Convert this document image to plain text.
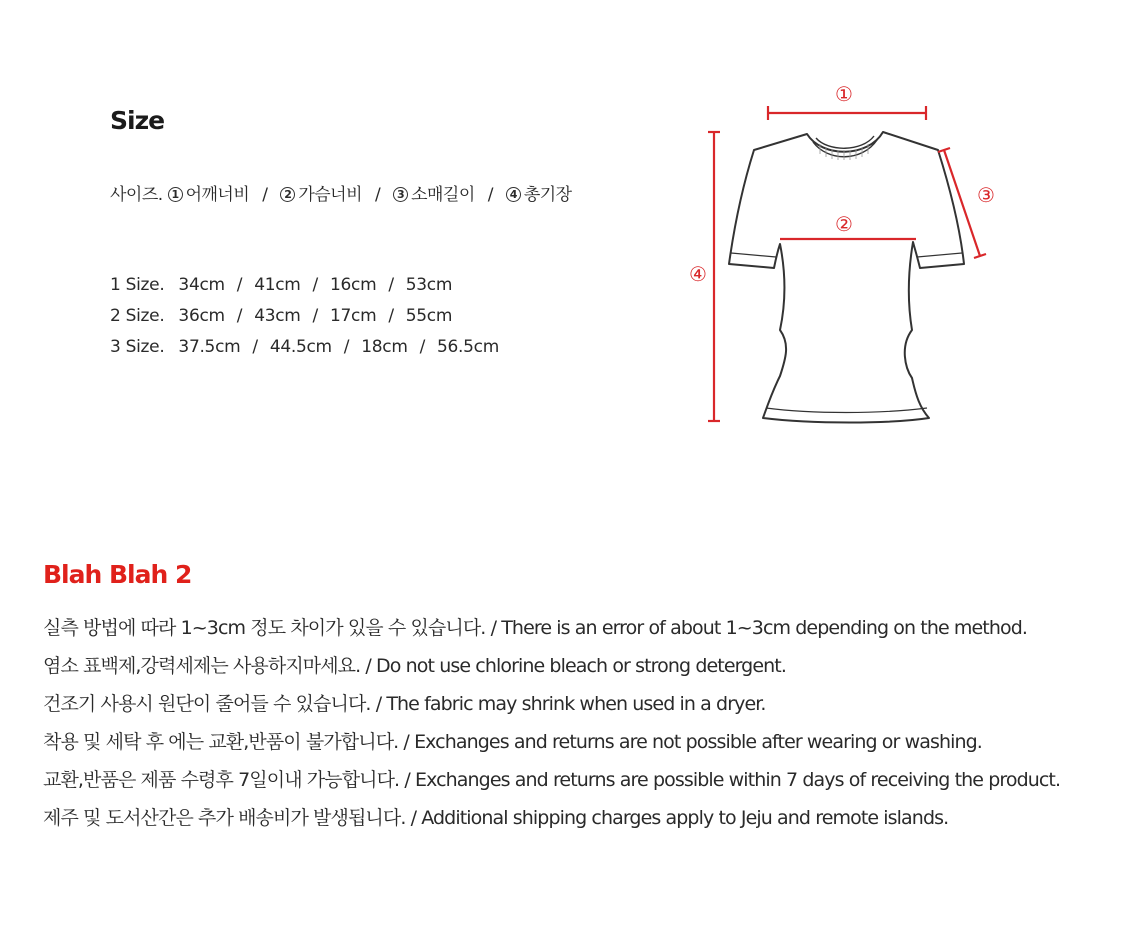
Size
사이즈. 1 어깨너비 / 2 가슴너비 / 3 소매길이 / 4 총기장
1 Size. 34cm / 41cm / 16cm / 53cm
2 Size. 36cm / 43cm / 17cm / 55cm
3 Size. 37.5cm / 44.5cm / 18cm / 56.5cm
①
②
③
④
Blah Blah 2
실측 방법에 따라 1~3cm 정도 차이가 있을 수 있습니다. / There is an error of about 1~3cm depending on the method.
염소 표백제,강력세제는 사용하지마세요. / Do not use chlorine bleach or strong detergent.
건조기 사용시 원단이 줄어들 수 있습니다. / The fabric may shrink when used in a dryer.
착용 및 세탁 후 에는 교환,반품이 불가합니다. / Exchanges and returns are not possible after wearing or washing.
교환,반품은 제품 수령후 7일이내 가능합니다. / Exchanges and returns are possible within 7 days of receiving the product.
제주 및 도서산간은 추가 배송비가 발생됩니다. / Additional shipping charges apply to Jeju and remote islands.
